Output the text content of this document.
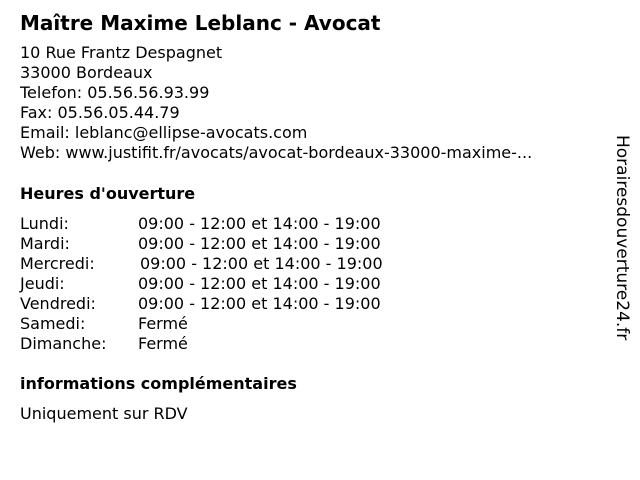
Maître Maxime Leblanc - Avocat
10 Rue Frantz Despagnet
33000 Bordeaux
Telefon: 05.56.56.93.99
Fax: 05.56.05.44.79
Email: leblanc@ellipse-avocats.com
Web: www.justifit.fr/avocats/avocat-bordeaux-33000-maxime-...
Heures d'ouverture
Lundi:	09:00 - 12:00 et 14:00 - 19:00
Mardi:	09:00 - 12:00 et 14:00 - 19:00
Mercredi:	09:00 - 12:00 et 14:00 - 19:00
Jeudi:	09:00 - 12:00 et 14:00 - 19:00
Vendredi:	09:00 - 12:00 et 14:00 - 19:00
Samedi:	Fermé
Dimanche: Fermé
informations complémentaires
Uniquement sur RDV
Horairesdouverture24.fr
